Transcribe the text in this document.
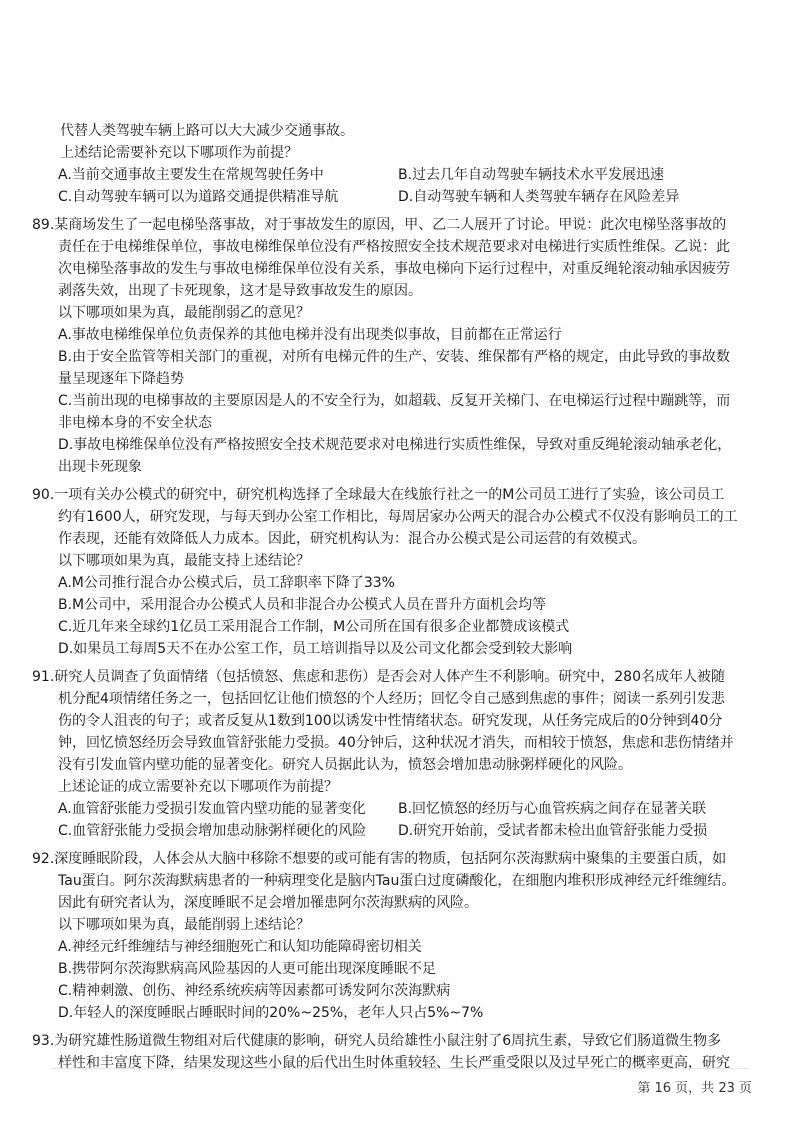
代替人类驾驶车辆上路可以大大减少交通事故。
上述结论需要补充以下哪项作为前提？
A.当前交通事故主要发生在常规驾驶任务中	B.过去几年自动驾驶车辆技术水平发展迅速
C.自动驾驶车辆可以为道路交通提供精准导航	D.自动驾驶车辆和人类驾驶车辆存在风险差异
89.某商场发生了一起电梯坠落事故，对于事故发生的原因，甲、乙二人展开了讨论。甲说：此次电梯坠落事故的
责任在于电梯维保单位，事故电梯维保单位没有严格按照安全技术规范要求对电梯进行实质性维保。乙说：此
次电梯坠落事故的发生与事故电梯维保单位没有关系，事故电梯向下运行过程中，对重反绳轮滚动轴承因疲劳
剥落失效，出现了卡死现象，这才是导致事故发生的原因。
以下哪项如果为真，最能削弱乙的意见？
A.事故电梯维保单位负责保养的其他电梯并没有出现类似事故，目前都在正常运行
B.由于安全监管等相关部门的重视，对所有电梯元件的生产、安装、维保都有严格的规定，由此导致的事故数
量呈现逐年下降趋势
C.当前出现的电梯事故的主要原因是人的不安全行为，如超载、反复开关梯门、在电梯运行过程中蹦跳等，而
非电梯本身的不安全状态
D.事故电梯维保单位没有严格按照安全技术规范要求对电梯进行实质性维保，导致对重反绳轮滚动轴承老化，
出现卡死现象
90.一项有关办公模式的研究中，研究机构选择了全球最大在线旅行社之一的M公司员工进行了实验，该公司员工
约有1600人，研究发现，与每天到办公室工作相比，每周居家办公两天的混合办公模式不仅没有影响员工的工
作表现，还能有效降低人力成本。因此，研究机构认为：混合办公模式是公司运营的有效模式。
以下哪项如果为真，最能支持上述结论？
A.M公司推行混合办公模式后，员工辞职率下降了33%
B.M公司中，采用混合办公模式人员和非混合办公模式人员在晋升方面机会均等
C.近几年来全球约1亿员工采用混合工作制，M公司所在国有很多企业都赞成该模式
D.如果员工每周5天不在办公室工作，员工培训指导以及公司文化都会受到较大影响
91.研究人员调查了负面情绪（包括愤怒、焦虑和悲伤）是否会对人体产生不利影响。研究中，280名成年人被随
机分配4项情绪任务之一，包括回忆让他们愤怒的个人经历；回忆令自己感到焦虑的事件；阅读一系列引发悲
伤的令人沮丧的句子；或者反复从1数到100以诱发中性情绪状态。研究发现，从任务完成后的0分钟到40分
钟，回忆愤怒经历会导致血管舒张能力受损。40分钟后，这种状况才消失，而相较于愤怒，焦虑和悲伤情绪并
没有引发血管内壁功能的显著变化。研究人员据此认为，愤怒会增加患动脉粥样硬化的风险。
上述论证的成立需要补充以下哪项作为前提？
A.血管舒张能力受损引发血管内壁功能的显著变化	B.回忆愤怒的经历与心血管疾病之间存在显著关联
C.血管舒张能力受损会增加患动脉粥样硬化的风险	D.研究开始前，受试者都未检出血管舒张能力受损
92.深度睡眠阶段，人体会从大脑中移除不想要的或可能有害的物质，包括阿尔茨海默病中聚集的主要蛋白质，如
Tau蛋白。阿尔茨海默病患者的一种病理变化是脑内Tau蛋白过度磷酸化，在细胞内堆积形成神经元纤维缠结。
因此有研究者认为，深度睡眠不足会增加罹患阿尔茨海默病的风险。
以下哪项如果为真，最能削弱上述结论？
A.神经元纤维缠结与神经细胞死亡和认知功能障碍密切相关
B.携带阿尔茨海默病高风险基因的人更可能出现深度睡眠不足
C.精神刺激、创伤、神经系统疾病等因素都可诱发阿尔茨海默病
D.年轻人的深度睡眠占睡眠时间的20%~25%，老年人只占5%~7%
93.为研究雄性肠道微生物组对后代健康的影响，研究人员给雄性小鼠注射了6周抗生素，导致它们肠道微生物多
样性和丰富度下降，结果发现这些小鼠的后代出生时体重较轻、生长严重受限以及过早死亡的概率更高，研究
第 16 页，共 23 页
